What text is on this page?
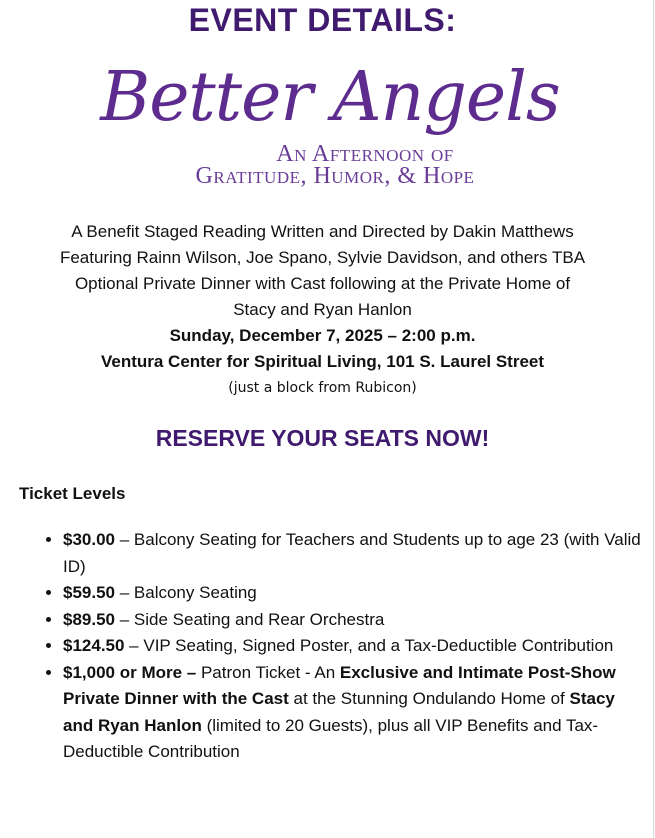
EVENT DETAILS:
Better Angels
An Afternoon of
Gratitude, Humor, & Hope

A Benefit Staged Reading Written and Directed by Dakin Matthews

Featuring Rainn Wilson, Joe Spano, Sylvie Davidson, and others TBA

Optional Private Dinner with Cast following at the Private Home of

Stacy and Ryan Hanlon

Sunday, December 7, 2025 – 2:00 p.m.

Ventura Center for Spiritual Living, 101 S. Laurel Street

(just a block from Rubicon)

RESERVE YOUR SEATS NOW!
Ticket Levels
• $30.00 – Balcony Seating for Teachers and Students up to age 23 (with Valid ID)
• $59.50 – Balcony Seating
• $89.50 – Side Seating and Rear Orchestra
• $124.50 – VIP Seating, Signed Poster, and a Tax-Deductible Contribution
• $1,000 or More – Patron Ticket - An Exclusive and Intimate Post-Show Private Dinner with the Cast at the Stunning Ondulando Home of Stacy and Ryan Hanlon (limited to 20 Guests), plus all VIP Benefits and Tax-Deductible Contribution
